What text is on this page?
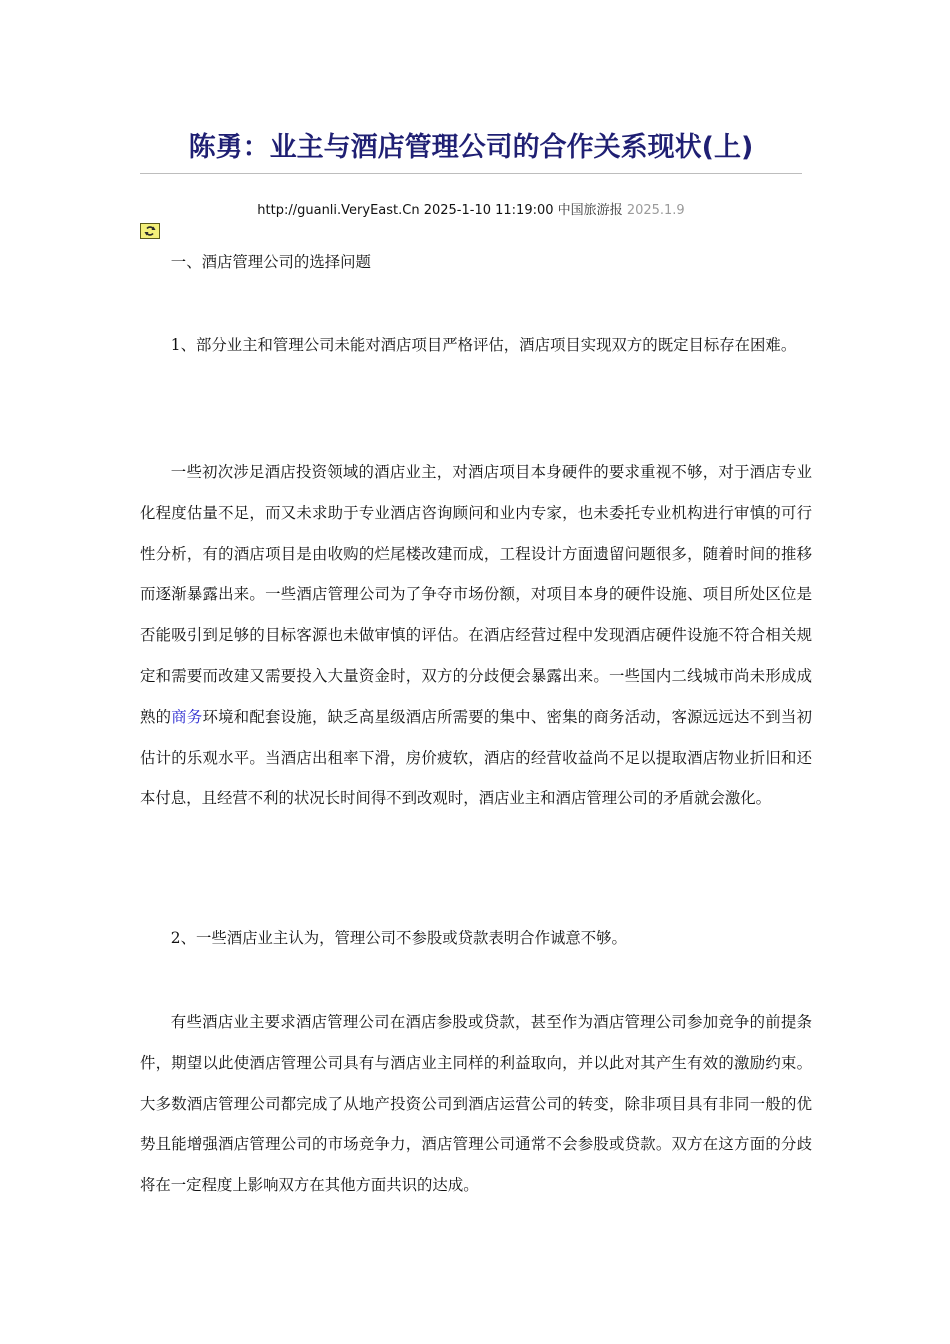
陈勇：业主与酒店管理公司的合作关系现状(上)
http://guanli.VeryEast.Cn 2025-1-10 11:19:00 中国旅游报 2025.1.9

一、酒店管理公司的选择问题

1、部分业主和管理公司未能对酒店项目严格评估，酒店项目实现双方的既定目标存在困难。

一些初次涉足酒店投资领域的酒店业主，对酒店项目本身硬件的要求重视不够，对于酒店专业化程度估量不足，而又未求助于专业酒店咨询顾问和业内专家，也未委托专业机构进行审慎的可行性分析，有的酒店项目是由收购的烂尾楼改建而成，工程设计方面遗留问题很多，随着时间的推移而逐渐暴露出来。一些酒店管理公司为了争夺市场份额，对项目本身的硬件设施、项目所处区位是否能吸引到足够的目标客源也未做审慎的评估。在酒店经营过程中发现酒店硬件设施不符合相关规定和需要而改建又需要投入大量资金时，双方的分歧便会暴露出来。一些国内二线城市尚未形成成熟的商务环境和配套设施，缺乏高星级酒店所需要的集中、密集的商务活动，客源远远达不到当初估计的乐观水平。当酒店出租率下滑，房价疲软，酒店的经营收益尚不足以提取酒店物业折旧和还本付息，且经营不利的状况长时间得不到改观时，酒店业主和酒店管理公司的矛盾就会激化。

2、一些酒店业主认为，管理公司不参股或贷款表明合作诚意不够。

有些酒店业主要求酒店管理公司在酒店参股或贷款，甚至作为酒店管理公司参加竞争的前提条件，期望以此使酒店管理公司具有与酒店业主同样的利益取向，并以此对其产生有效的激励约束。大多数酒店管理公司都完成了从地产投资公司到酒店运营公司的转变，除非项目具有非同一般的优势且能增强酒店管理公司的市场竞争力，酒店管理公司通常不会参股或贷款。双方在这方面的分歧将在一定程度上影响双方在其他方面共识的达成。
